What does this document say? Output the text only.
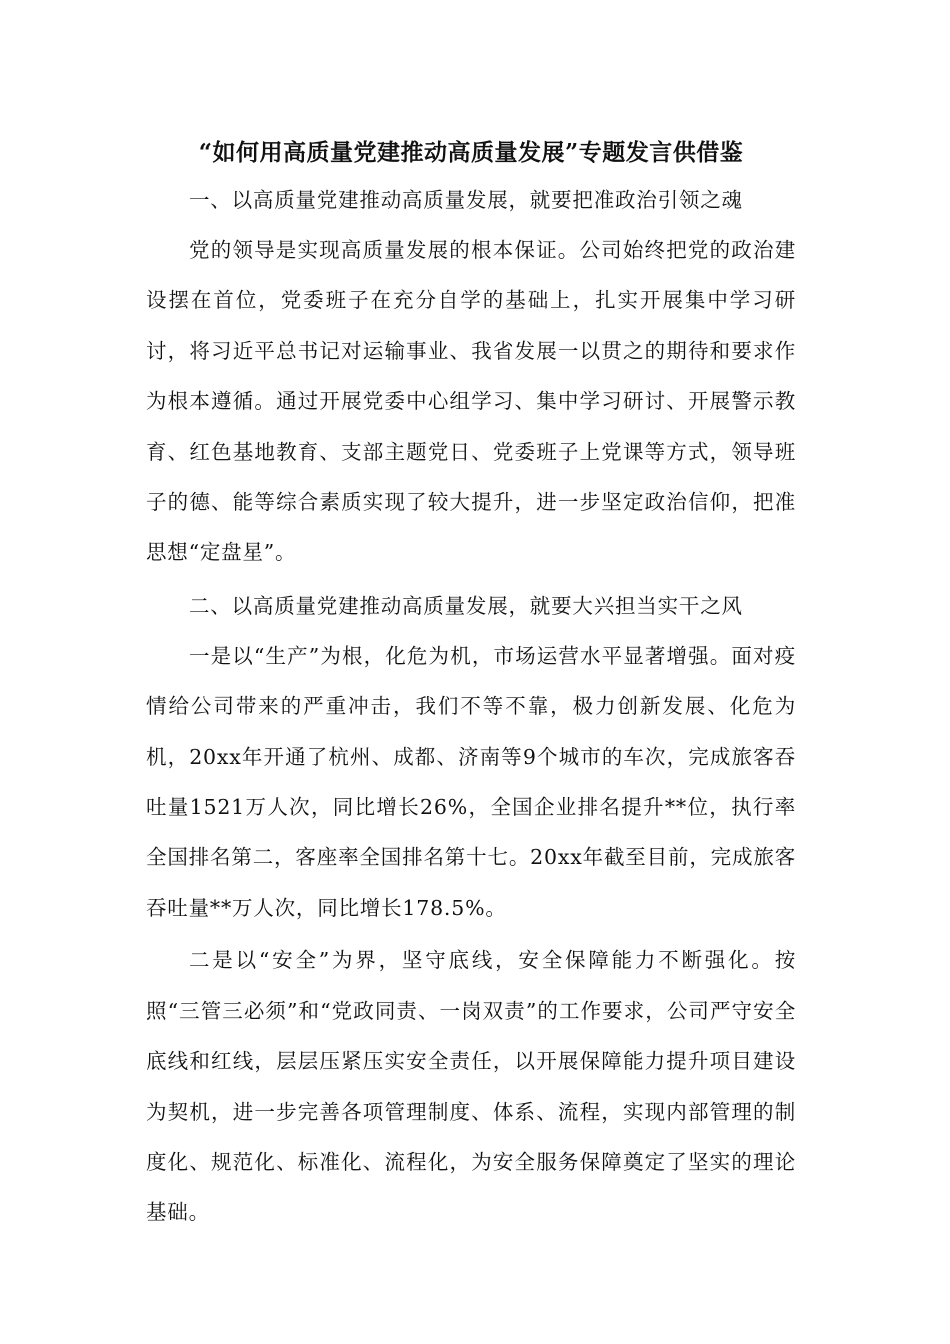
“如何用高质量党建推动高质量发展”专题发言供借鉴
一、以高质量党建推动高质量发展，就要把准政治引领之魂

党的领导是实现高质量发展的根本保证。公司始终把党的政治建设摆在首位，党委班子在充分自学的基础上，扎实开展集中学习研讨，将习近平总书记对运输事业、我省发展一以贯之的期待和要求作为根本遵循。通过开展党委中心组学习、集中学习研讨、开展警示教育、红色基地教育、支部主题党日、党委班子上党课等方式，领导班子的德、能等综合素质实现了较大提升，进一步坚定政治信仰，把准思想“定盘星”。

二、以高质量党建推动高质量发展，就要大兴担当实干之风

一是以“生产”为根，化危为机，市场运营水平显著增强。面对疫情给公司带来的严重冲击，我们不等不靠，极力创新发展、化危为机，20xx年开通了杭州、成都、济南等9个城市的车次，完成旅客吞吐量1521万人次，同比增长26%，全国企业排名提升**位，执行率全国排名第二，客座率全国排名第十七。20xx年截至目前，完成旅客吞吐量**万人次，同比增长178.5%。

二是以“安全”为界，坚守底线，安全保障能力不断强化。按照“三管三必须”和“党政同责、一岗双责”的工作要求，公司严守安全底线和红线，层层压紧压实安全责任，以开展保障能力提升项目建设为契机，进一步完善各项管理制度、体系、流程，实现内部管理的制度化、规范化、标准化、流程化，为安全服务保障奠定了坚实的理论基础。
